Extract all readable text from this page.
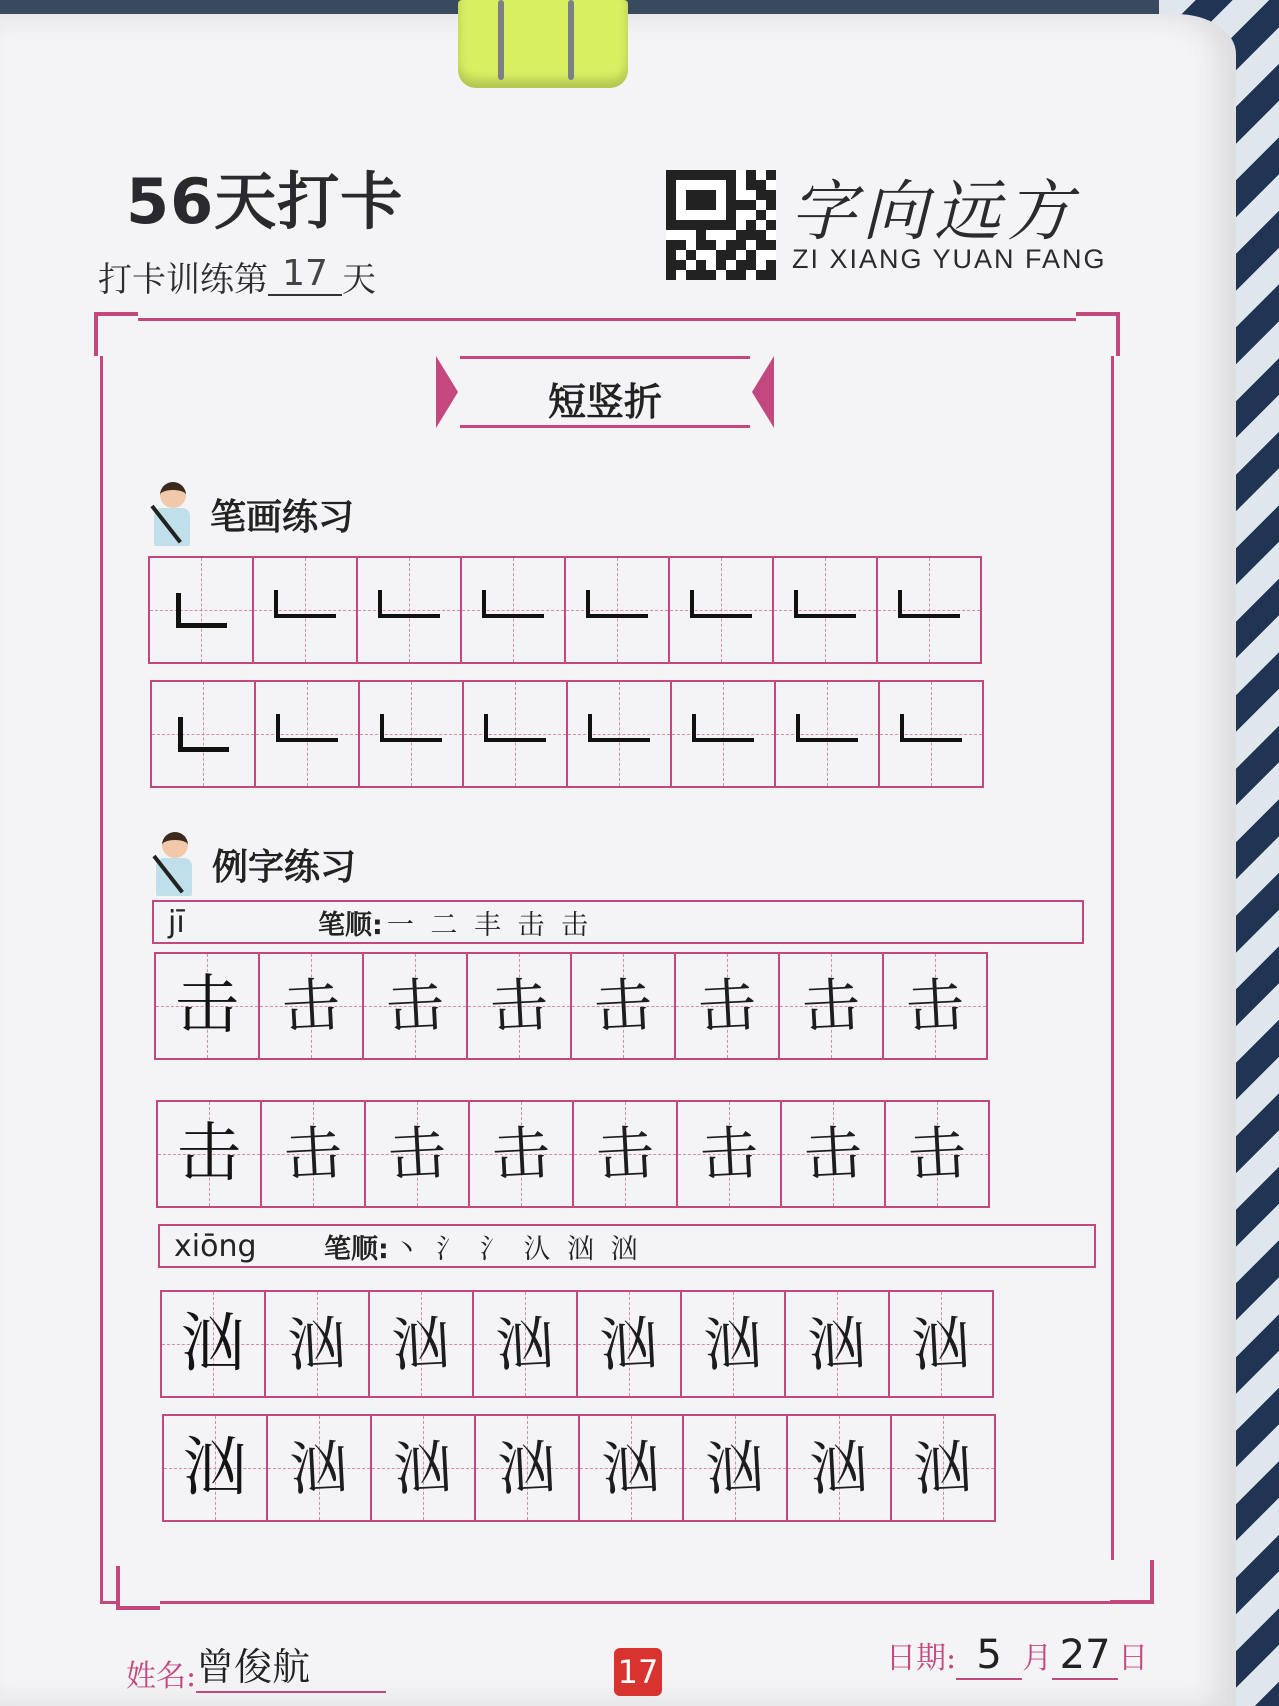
56天打卡
打卡训练第 17 天
字向远方
ZI XIANG YUAN FANG
短竖折
笔画练习
例字练习
jī	笔顺: 一 二 丰 击 击
击 击 击 击 击 击 击 击
击 击 击 击 击 击 击 击
xiōng	笔顺: 丶 氵 氵 汄 汹 汹
汹 汹 汹 汹 汹 汹 汹 汹
汹 汹 汹 汹 汹 汹 汹 汹
姓名:曾俊航	17	日期: 5 月 27 日
